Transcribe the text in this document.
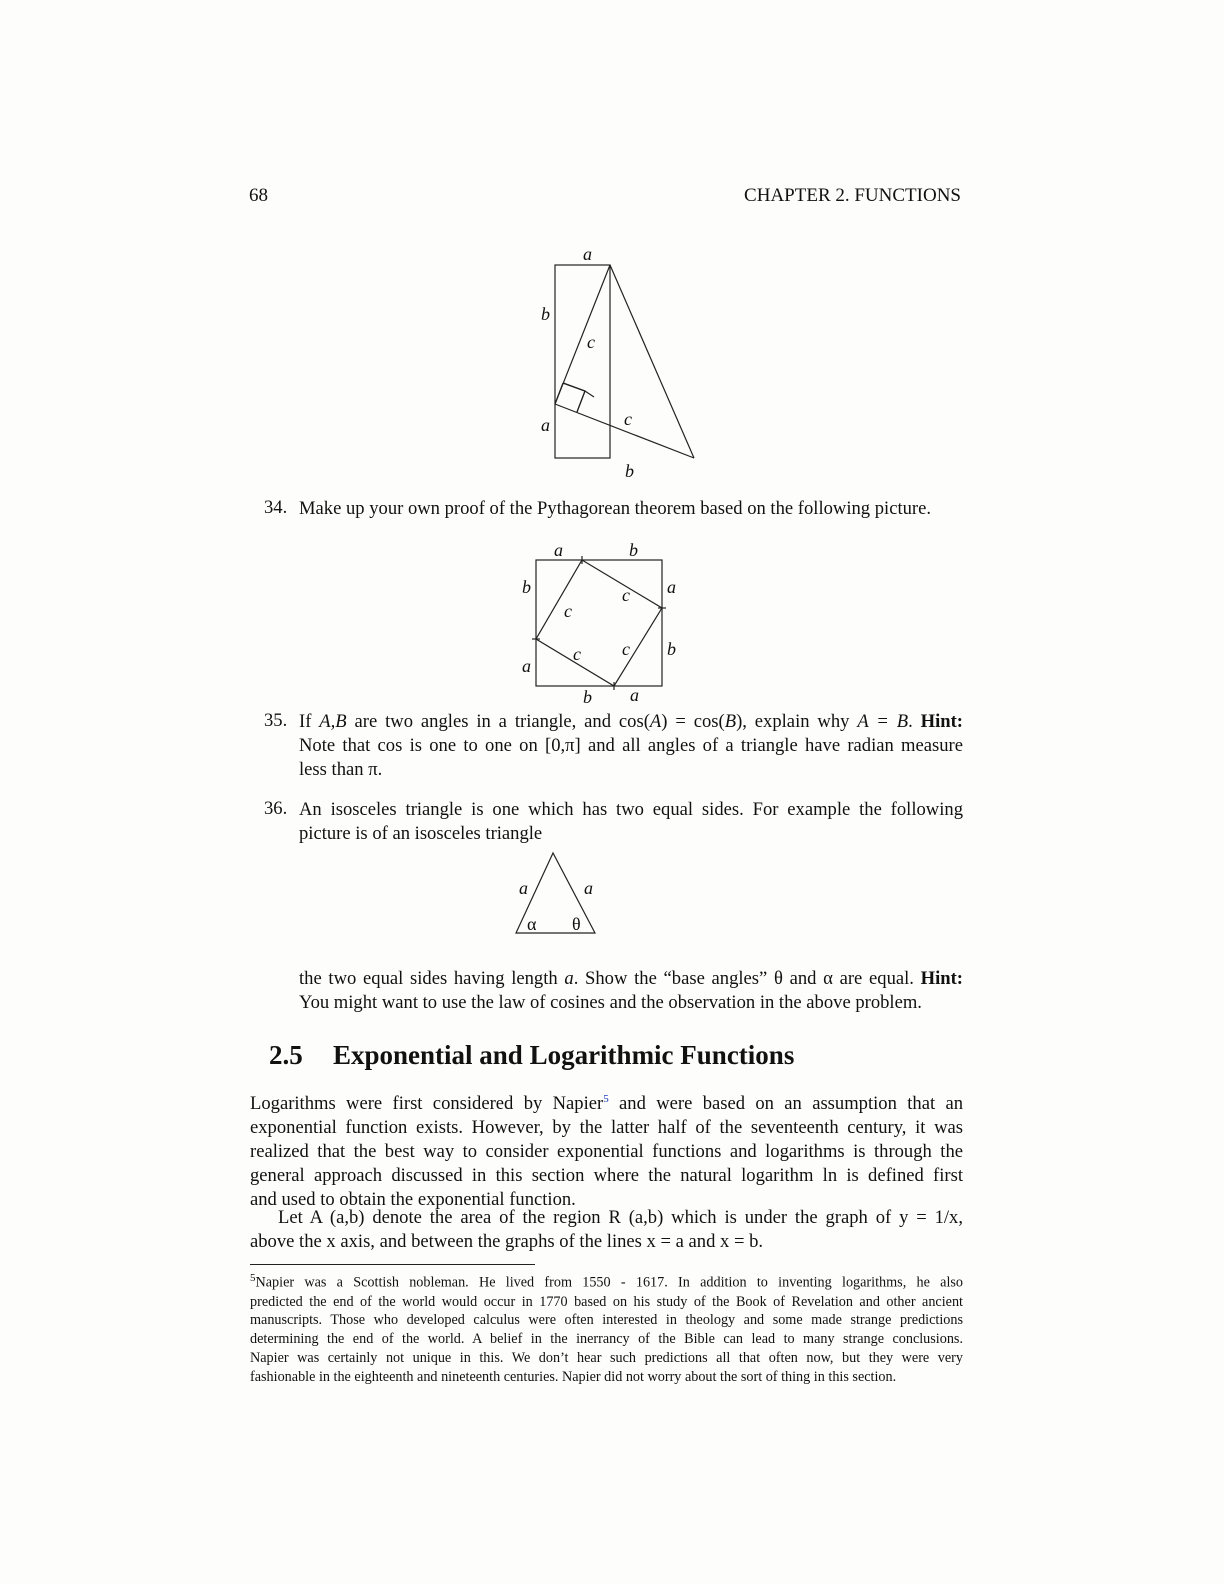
68	CHAPTER 2. FUNCTIONS
a
b
c
a	c
b
34. Make up your own proof of the Pythagorean theorem based on the following picture.
a	b
b	a
c
c
c c b
a
b a
35. If A,B are two angles in a triangle, and cos(A) = cos(B), explain why A = B. Hint:
Note that cos is one to one on [0,π] and all angles of a triangle have radian measure
less than π.
36. An isosceles triangle is one which has two equal sides. For example the following
picture is of an isosceles triangle
a	a
α θ
the two equal sides having length a. Show the “base angles” θ and α are equal. Hint:
You might want to use the law of cosines and the observation in the above problem.
2.5 Exponential and Logarithmic Functions
Logarithms were first considered by Napier$^5$ and were based on an assumption that an
exponential function exists. However, by the latter half of the seventeenth century, it was
realized that the best way to consider exponential functions and logarithms is through the
general approach discussed in this section where the natural logarithm ln is defined first
and used to obtain the exponential function.
Let A (a,b) denote the area of the region R (a,b) which is under the graph of y = 1/x,
above the x axis, and between the graphs of the lines x = a and x = b.
$^5$Napier was a Scottish nobleman. He lived from 1550 - 1617. In addition to inventing logarithms, he also
predicted the end of the world would occur in 1770 based on his study of the Book of Revelation and other ancient
manuscripts. Those who developed calculus were often interested in theology and some made strange predictions
determining the end of the world. A belief in the inerrancy of the Bible can lead to many strange conclusions.
Napier was certainly not unique in this. We don’t hear such predictions all that often now, but they were very
fashionable in the eighteenth and nineteenth centuries. Napier did not worry about the sort of thing in this section.
